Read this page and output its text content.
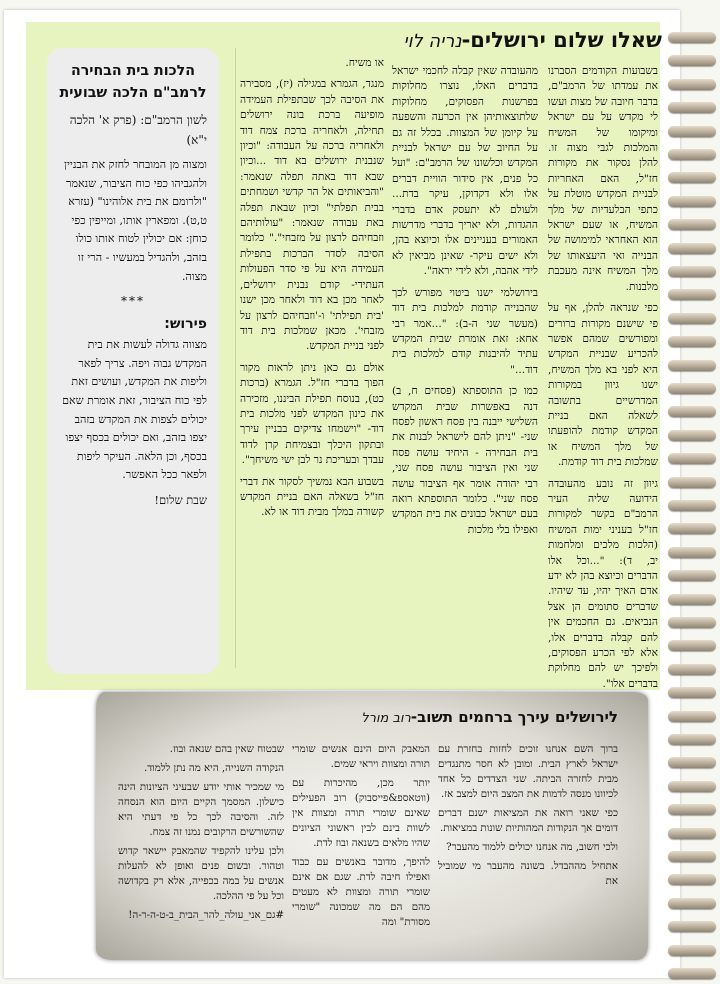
שאלו שלום ירושלים-נריה לוי
הלכות בית הבחירה לרמב"ם הלכה שבועית
לשון הרמב"ם: (פרק א' הלכה י"א)
ומצוה מן המובחר לחזק את הבניין ולהגביהו כפי כוח הציבור, שנאמר "ולרומם את בית אלוהינו" (עזרא ט,ט). ומפארין אותו, ומייפין כפי כוחן: אם יכולין לטוח אותו כולו בזהב, ולהגדיל במעשיו - הרי זו מצוה.
***
פירוש:
מצווה גדולה לעשות את בית המקדש גבוה ויפה. צריך לפאר וליפות את המקדש, ועושים זאת לפי כוח הציבור, זאת אומרת שאם יכולים לצפות את המקדש בזהב יצפו בזהב, ואם יכולים בכסף יצפו בכסף, וכן הלאה. העיקר ליפות ולפאר ככל האפשר.
שבת שלום!

בשבועות הקודמים הסברנו את עמדתו של הרמב"ם, בדבר חיובה של מצות ועשו לי מקדש על עם ישראל ומיקומו של המשיח והמלכות לגבי מצוה זו. להלן נסקור את מקורות חז"ל, האם האחריות לבניית המקדש מוטלת על כתפי הבלעדיות של מלך המשיח, או שעם ישראל הוא האחראי למימושה של הבנייה ואי היעצאותו של מלך המשיח אינה מעכבת מלבנות.

כפי שנראה להלן, אף על פי שישנם מקורות ברורים ומפורשים שמהם אפשר להכריע שבניית המקדש היא לפני בא מלך המשיח, ישנו גיוון במקורות המדרשיים בתשובה לשאלה האם בניית המקדש קודמת להופעתו של מלך המשיח או שמלכות בית דוד קודמת.

גיוון זה נובע מהעובדה הידועה שליה העיר הרמב"ם בקשר למקורות חז"ל בעניני ימות המשיח (הלכות מלכים ומלחמות יב, ד): "...וכל אלו הדברים וכיוצא בהן לא ידע אדם האיך יהיו, עד שיהיו. שדברים סתומים הן אצל הנביאים. גם החכמים אין להם קבלה בדברים אלו, אלא לפי הכרע הפסוקים, ולפיכך יש להם מחלוקת בדברים אלו".

מהעובדה שאין קבלה לחכמי ישראל בדברים האלו, נוצרו מחלוקות בפרשנות הפסוקים, מחלוקות שלתוצאותיהן אין הכרעה והשפעה על קיומן של המצוות. בכלל זה גם על החיוב של עם ישראל לבניית המקדש וכלשונו של הרמב"ם: "ועל כל פנים, אין סידור הוויית דברים אלו ולא דקדוקן, עיקר בדת... ולעולם לא יתעסק אדם בדברי ההגדות, ולא יאריך בדברי מדרשות האמורים בעניינים אלו וכיוצא בהן, ולא ישים עיקר- שאינן מביאין לא לידי אהבה, ולא לידי יראה".

בירושלמי ישנו ביטוי מפורש לכך שהבנייה קודמת למלכות בית דוד (מעשר שני ה-ב): "...אמר רבי אחא: זאת אומרת שבית המקדש עתיד להיבנות קודם למלכות בית דוד..."

כמו כן התוספתא (פסחים ח, ב) דנה באפשרות שבית המקדש השלישי ייבנה בין פסח ראשון לפסח שני- "ניתן להם לישראל לבנות את בית הבחירה - היחיד עושה פסח שני ואין הציבור עושה פסח שני, רבי יהודה אומר אף הציבור עושה פסח שני". כלומר התוספתא רואה בעם ישראל כבונים את בית המקדש ואפילו בלי מלכות

או משיח.

מנגד, הגמרא במגילה (יז), מסבירה את הסיבה לכך שבתפילת העמידה מופיעה ברכת בונה ירושלים תחילה, ולאחריה ברכת צמח דוד ולאחריה ברכה על העבודה: "וכיון שנבנית ירושלים בא דוד ...וכיון שבא דוד באתה תפלה שנאמר: "והביאותים אל הר קדשי ושמחתים בבית תפלתי" וכיון שבאת תפלה באת עבודה שנאמר: "עולותיהם וזבחיהם לרצון על מזבחי"." כלומר הסיבה לסדר הברכות בתפילת העמידה היא על פי סדר הפעולות העתידי- קודם נבנית ירושלים, לאחר מכן בא דוד ולאחר מכן ישנו 'בית תפילתי' ו-'וזבחיהם לרצון על מזבחי'. מכאן שמלכות בית דוד לפני בניית המקדש.

אולם גם כאן ניתן לראות מקור הפוך בדברי חז"ל. הגמרא (ברכות כט), בנוסח תפילת הביננו, מזכירה את כינון המקדש לפני מלכות בית דוד- "וישמחו צדיקים בבניין עירך ובתקון היכלך ובצמיחת קרן לדוד עבדך ובעריכת נר לבן ישי משיחך".

בשבוע הבא נמשיך לסקור את דברי חז"ל בשאלה האם בניית המקדש קשורה במלך מבית דוד או לא.

לירושלים עירך ברחמים תשוב-רוב מורל

ברוך השם אנחנו זוכים לחזות בחזרת עם ישראל לארץ הבית. ומובן לא חסר מתנגדים מבית לחזרה הביתה. שני הצדדים כל אחד לכיוונו מנסה לדמות את המצב היום למצב אז.

כפי שאני רואה את המציאות ישנם דברים דומים אך הנקודות המהותיות שונות במציאות.

ולכי חשוב, מה אנחנו יכולים ללמוד מהעבר?

אתחיל מההבדל. בשונה מהעבר מי שמוביל את

המאבק היום הינם אנשים שומרי תורה ומצוות ויראי שמים.

יותר מכן, מהיכרות עם (ווטאספ&פייסבוק) רוב הפעילים שאינם שומרי תורה ומצוות אין לשוות בינם לבין ראשוני הציונים שהיו מלאים בשנאה ובוז לדת.

להיפך, מדובר באנשים עם כבוד ואפילו חיבה לדת. שגם אם אינם שומרי תורה ומצוות לא מעטים מהם הם מה שמכונה "שומרי מסורת" ומה

שבטוח שאין בהם שנאה ובוז.

הנקודה השנייה, היא מה נתן ללמוד.

מי שמכיר אותי יודע שבעיני הציונות הינה כישלון. המסמך הקיים היום הוא הנסחה לזה. והסיבה לכך כל פי דעתי היא שהשורשים הרקובים נמנו זה צמח.

ולכן עלינו להקפיד שהמאבק יישאר קדוש וטהור. ובשום פנים ואופן לא להעלות אנשים על במה בכפייה, אלא רק בקדושה וכל על פי ההלכה.

#גם_אני_עולה_להר_הבית_ב-ט-ה-ר-ה!
